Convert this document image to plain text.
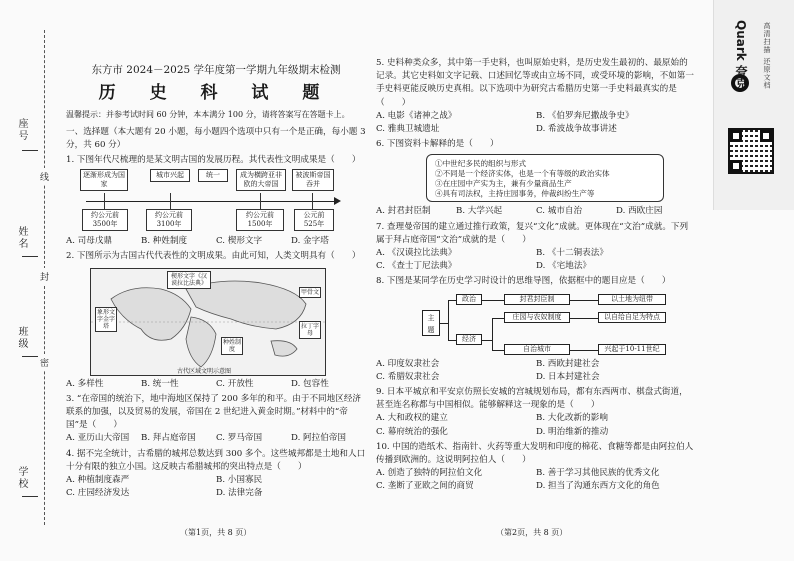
座号
姓名
班级
学校
线
封
密
东方市 2024－2025 学年度第一学期九年级期末检测
历 史 科 试 题
温馨提示：并参考试时间 60 分钟，本本满分 100 分，请将答案写在答题卡上。
一、选择题（本大题有 20 小题，每小题四个选项中只有一个是正确，每小题 3 分，共 60 分）
1. 下图年代尺梳理的是某文明古国的发展历程。其代表性文明成果是（　　）
逐渐形成为国家
城市兴起	统一	成为横跨亚非欧的大帝国
被波斯帝国吞并
约公元前3500年
约公元前3100年
约公元前1500年
公元前525年
A. 司母戊鼎	B. 种姓制度	C. 楔形文字	D. 金字塔
2. 下图所示为古国古代代表性的文明成果。由此可知，人类文明具有（　　）
楔形文字《汉谟拉比法典》
象形文字金字塔
种姓制度
甲骨文
拉丁字母
古代区域文明示意图
A. 多样性	B. 统一性	C. 开放性	D. 包容性
3. “在帝国的统治下，地中海地区保持了 200 多年的和平。由于不同地区经济联系的加强，以及贸易的发展，帝国在 2 世纪进入黄金时期。”材料中的“帝国”是（　　）
A. 亚历山大帝国	B. 拜占庭帝国	C. 罗马帝国	D. 阿拉伯帝国
4. 据不完全统计，古希腊的城邦总数达到 300 多个。这些城邦都是土地和人口十分有限的独立小国。这反映古希腊城邦的突出特点是（　　）
A. 种植制度森严	B. 小国寡民
C. 庄园经济发达	D. 法律完备
5. 史料种类众多，其中第一手史料，也叫原始史料，是历史发生最初的、最原始的记录。其它史料如文字记载、口述回忆等或由立场不同，或受环境的影响，不如第一手史料更能反映历史真相。以下选项中为研究古希腊历史第一手史料最真实的是（　　）
A. 电影《诸神之战》	B. 《伯罗奔尼撒战争史》
C. 雅典卫城遗址	D. 希波战争故事讲述
6. 下图资料卡解释的是（　　）
①中世纪多民的组织与形式
②不同是一个经济实体，也是一个有等级的政治实体
③在庄园中产实为主，兼有少量商品生产
④具有司法权，主持庄园事务，仲裁纠纷生产等
A. 封君封臣制	B. 大学兴起	C. 城市自治	D. 西欧庄园
7. 查理曼帝国的建立通过推行政策，复兴“文化”成就。更体现在“文治”成就。下列属于拜占庭帝国“文治”成就的是（　　）
A. 《汉谟拉比法典》	B. 《十二铜表法》
C. 《查士丁尼法典》	D. 《宅地法》
8. 下图是某同学在历史学习时设计的思维导图，依据框中的题目应是（　　）
主题
政治
经济
封君封臣制
庄园与农奴制度
自治城市
以土地为纽带
以自给自足为特点
兴起于10-11世纪
A. 印度奴隶社会	B. 西欧封建社会
C. 希腊奴隶社会	D. 日本封建社会
9. 日本平城京和平安京仿照长安城的宫城规划布局，都有东西两市、棋盘式街道，甚至连名称都与中国相似。能够解释这一现象的是（　　）
A. 大和政权的建立	B. 大化改新的影响
C. 幕府统治的强化	D. 明治维新的推动
10. 中国的造纸术、指南针、火药等重大发明和印度的棉花、食糖等都是由阿拉伯人传播到欧洲的。这说明阿拉伯人（　　）
A. 创造了独特的阿拉伯文化	B. 善于学习其他民族的优秀文化
C. 垄断了亚欧之间的商贸	D. 担当了沟通东西方文化的角色
（第1页，共 8 页）	（第2页，共 8 页）
Quark 夸克 高清扫描 还原文档
